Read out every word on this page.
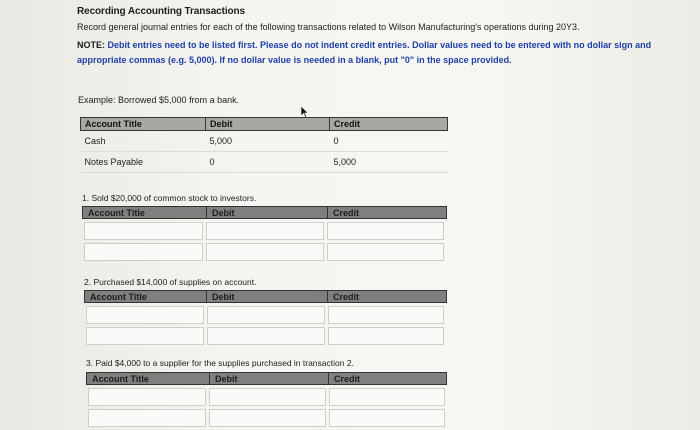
Recording Accounting Transactions
Record general journal entries for each of the following transactions related to Wilson Manufacturing's operations during 20Y3.
NOTE: Debit entries need to be listed first. Please do not indent credit entries. Dollar values need to be entered with no dollar sign and appropriate commas (e.g. 5,000). If no dollar value is needed in a blank, put "0" in the space provided.
Example: Borrowed $5,000 from a bank.
Account Title	Debit	Credit
Cash	5,000	0
Notes Payable	0	5,000
1. Sold $20,000 of common stock to investors.
Account Title	Debit	Credit
2. Purchased $14,000 of supplies on account.
Account Title	Debit	Credit
3. Paid $4,000 to a supplier for the supplies purchased in transaction 2.
Account Title	Debit	Credit
